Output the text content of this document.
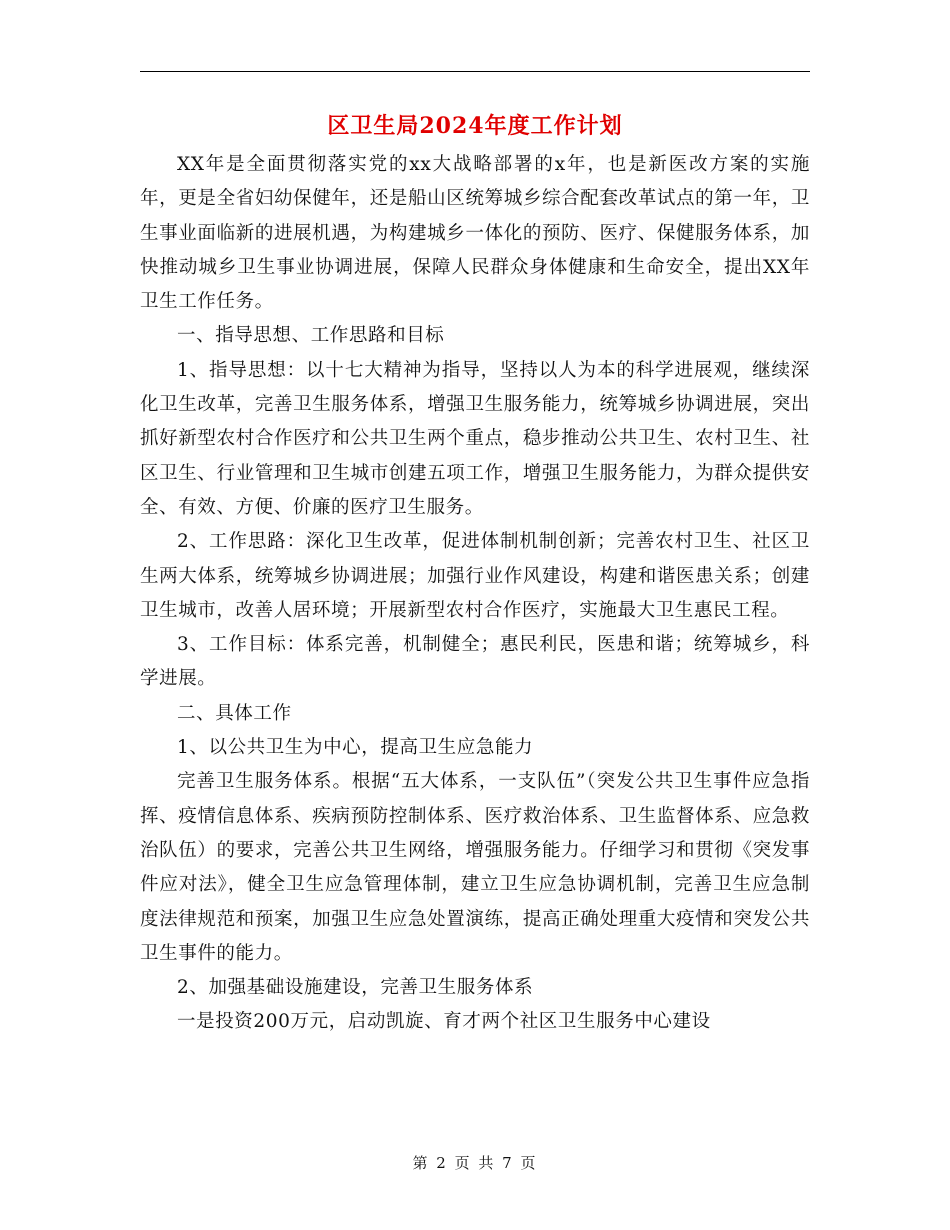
区卫生局2024年度工作计划

XX年是全面贯彻落实党的xx大战略部署的x年，也是新医改方案的实施年，更是全省妇幼保健年，还是船山区统筹城乡综合配套改革试点的第一年，卫生事业面临新的进展机遇，为构建城乡一体化的预防、医疗、保健服务体系，加快推动城乡卫生事业协调进展，保障人民群众身体健康和生命安全，提出XX年卫生工作任务。

一、指导思想、工作思路和目标

1、指导思想：以十七大精神为指导，坚持以人为本的科学进展观，继续深化卫生改革，完善卫生服务体系，增强卫生服务能力，统筹城乡协调进展，突出抓好新型农村合作医疗和公共卫生两个重点，稳步推动公共卫生、农村卫生、社区卫生、行业管理和卫生城市创建五项工作，增强卫生服务能力，为群众提供安全、有效、方便、价廉的医疗卫生服务。

2、工作思路：深化卫生改革，促进体制机制创新；完善农村卫生、社区卫生两大体系，统筹城乡协调进展；加强行业作风建设，构建和谐医患关系；创建卫生城市，改善人居环境；开展新型农村合作医疗，实施最大卫生惠民工程。

3、工作目标：体系完善，机制健全；惠民利民，医患和谐；统筹城乡，科学进展。

二、具体工作

1、以公共卫生为中心，提高卫生应急能力

完善卫生服务体系。根据“五大体系，一支队伍”（突发公共卫生事件应急指挥、疫情信息体系、疾病预防控制体系、医疗救治体系、卫生监督体系、应急救治队伍）的要求，完善公共卫生网络，增强服务能力。仔细学习和贯彻《突发事件应对法》，健全卫生应急管理体制，建立卫生应急协调机制，完善卫生应急制度法律规范和预案，加强卫生应急处置演练，提高正确处理重大疫情和突发公共卫生事件的能力。

2、加强基础设施建设，完善卫生服务体系

一是投资200万元，启动凯旋、育才两个社区卫生服务中心建设

第 2 页 共 7 页
